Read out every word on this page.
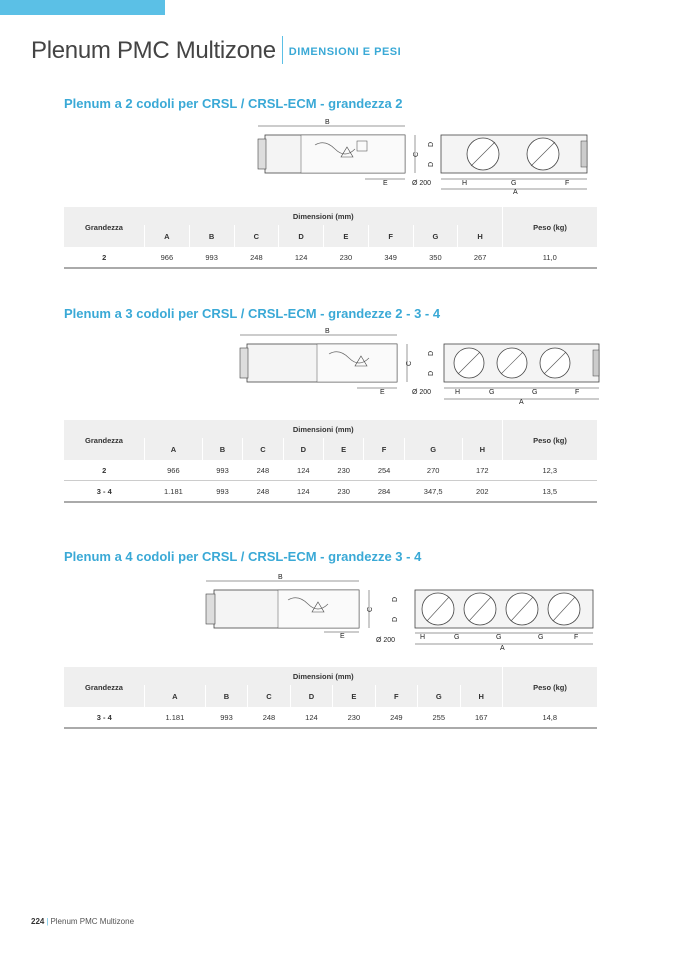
Plenum PMC Multizone $^{DIMENSIONI E PESI}$
Plenum a 2 codoli per CRSL / CRSL-ECM - grandezza 2
B
C
D
D
E	Ø 200	H	G	F
A
Grandezza	Dimensioni (mm)								Peso (kg)
	A	B	C	D	E	F	G	H	
2	966	993	248	124	230	349	350	267	11,0
Plenum a 3 codoli per CRSL / CRSL-ECM - grandezze 2 - 3 - 4
B
C
D
D
E	Ø 200	H	G	G	F
A
Grandezza	Dimensioni (mm)								Peso (kg)
	A	B	C	D	E	F	G	H	
2	966	993	248	124	230	254	270	172	12,3
3 - 4	1.181	993	248	124	230	284	347,5	202	13,5
Plenum a 4 codoli per CRSL / CRSL-ECM - grandezze 3 - 4
B
C
D
D
E
Ø 200	H	G	G	G	F
A
Grandezza	Dimensioni (mm)								Peso (kg)
	A	B	C	D	E	F	G	H	
3 - 4	1.181	993	248	124	230	249	255	167	14,8
224 | Plenum PMC Multizone
